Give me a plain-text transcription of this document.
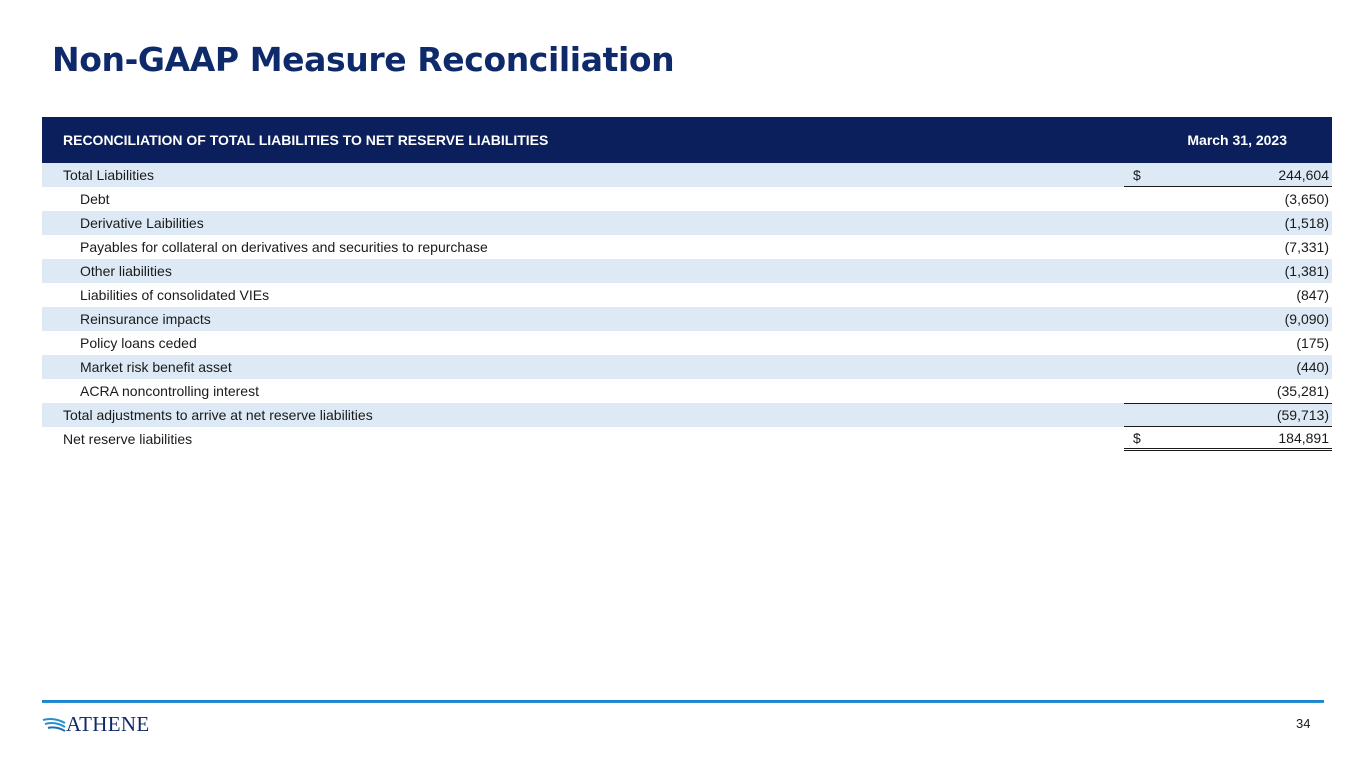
Non-GAAP Measure Reconciliation
RECONCILIATION OF TOTAL LIABILITIES TO NET RESERVE LIABILITIES	March 31, 2023
Total Liabilities	$	244,604
Debt	(3,650)
Derivative Laibilities	(1,518)
Payables for collateral on derivatives and securities to repurchase	(7,331)
Other liabilities	(1,381)
Liabilities of consolidated VIEs	(847)
Reinsurance impacts	(9,090)
Policy loans ceded	(175)
Market risk benefit asset	(440)
ACRA noncontrolling interest	(35,281)
Total adjustments to arrive at net reserve liabilities	(59,713)
Net reserve liabilities	$	184,891
ATHENE	34
